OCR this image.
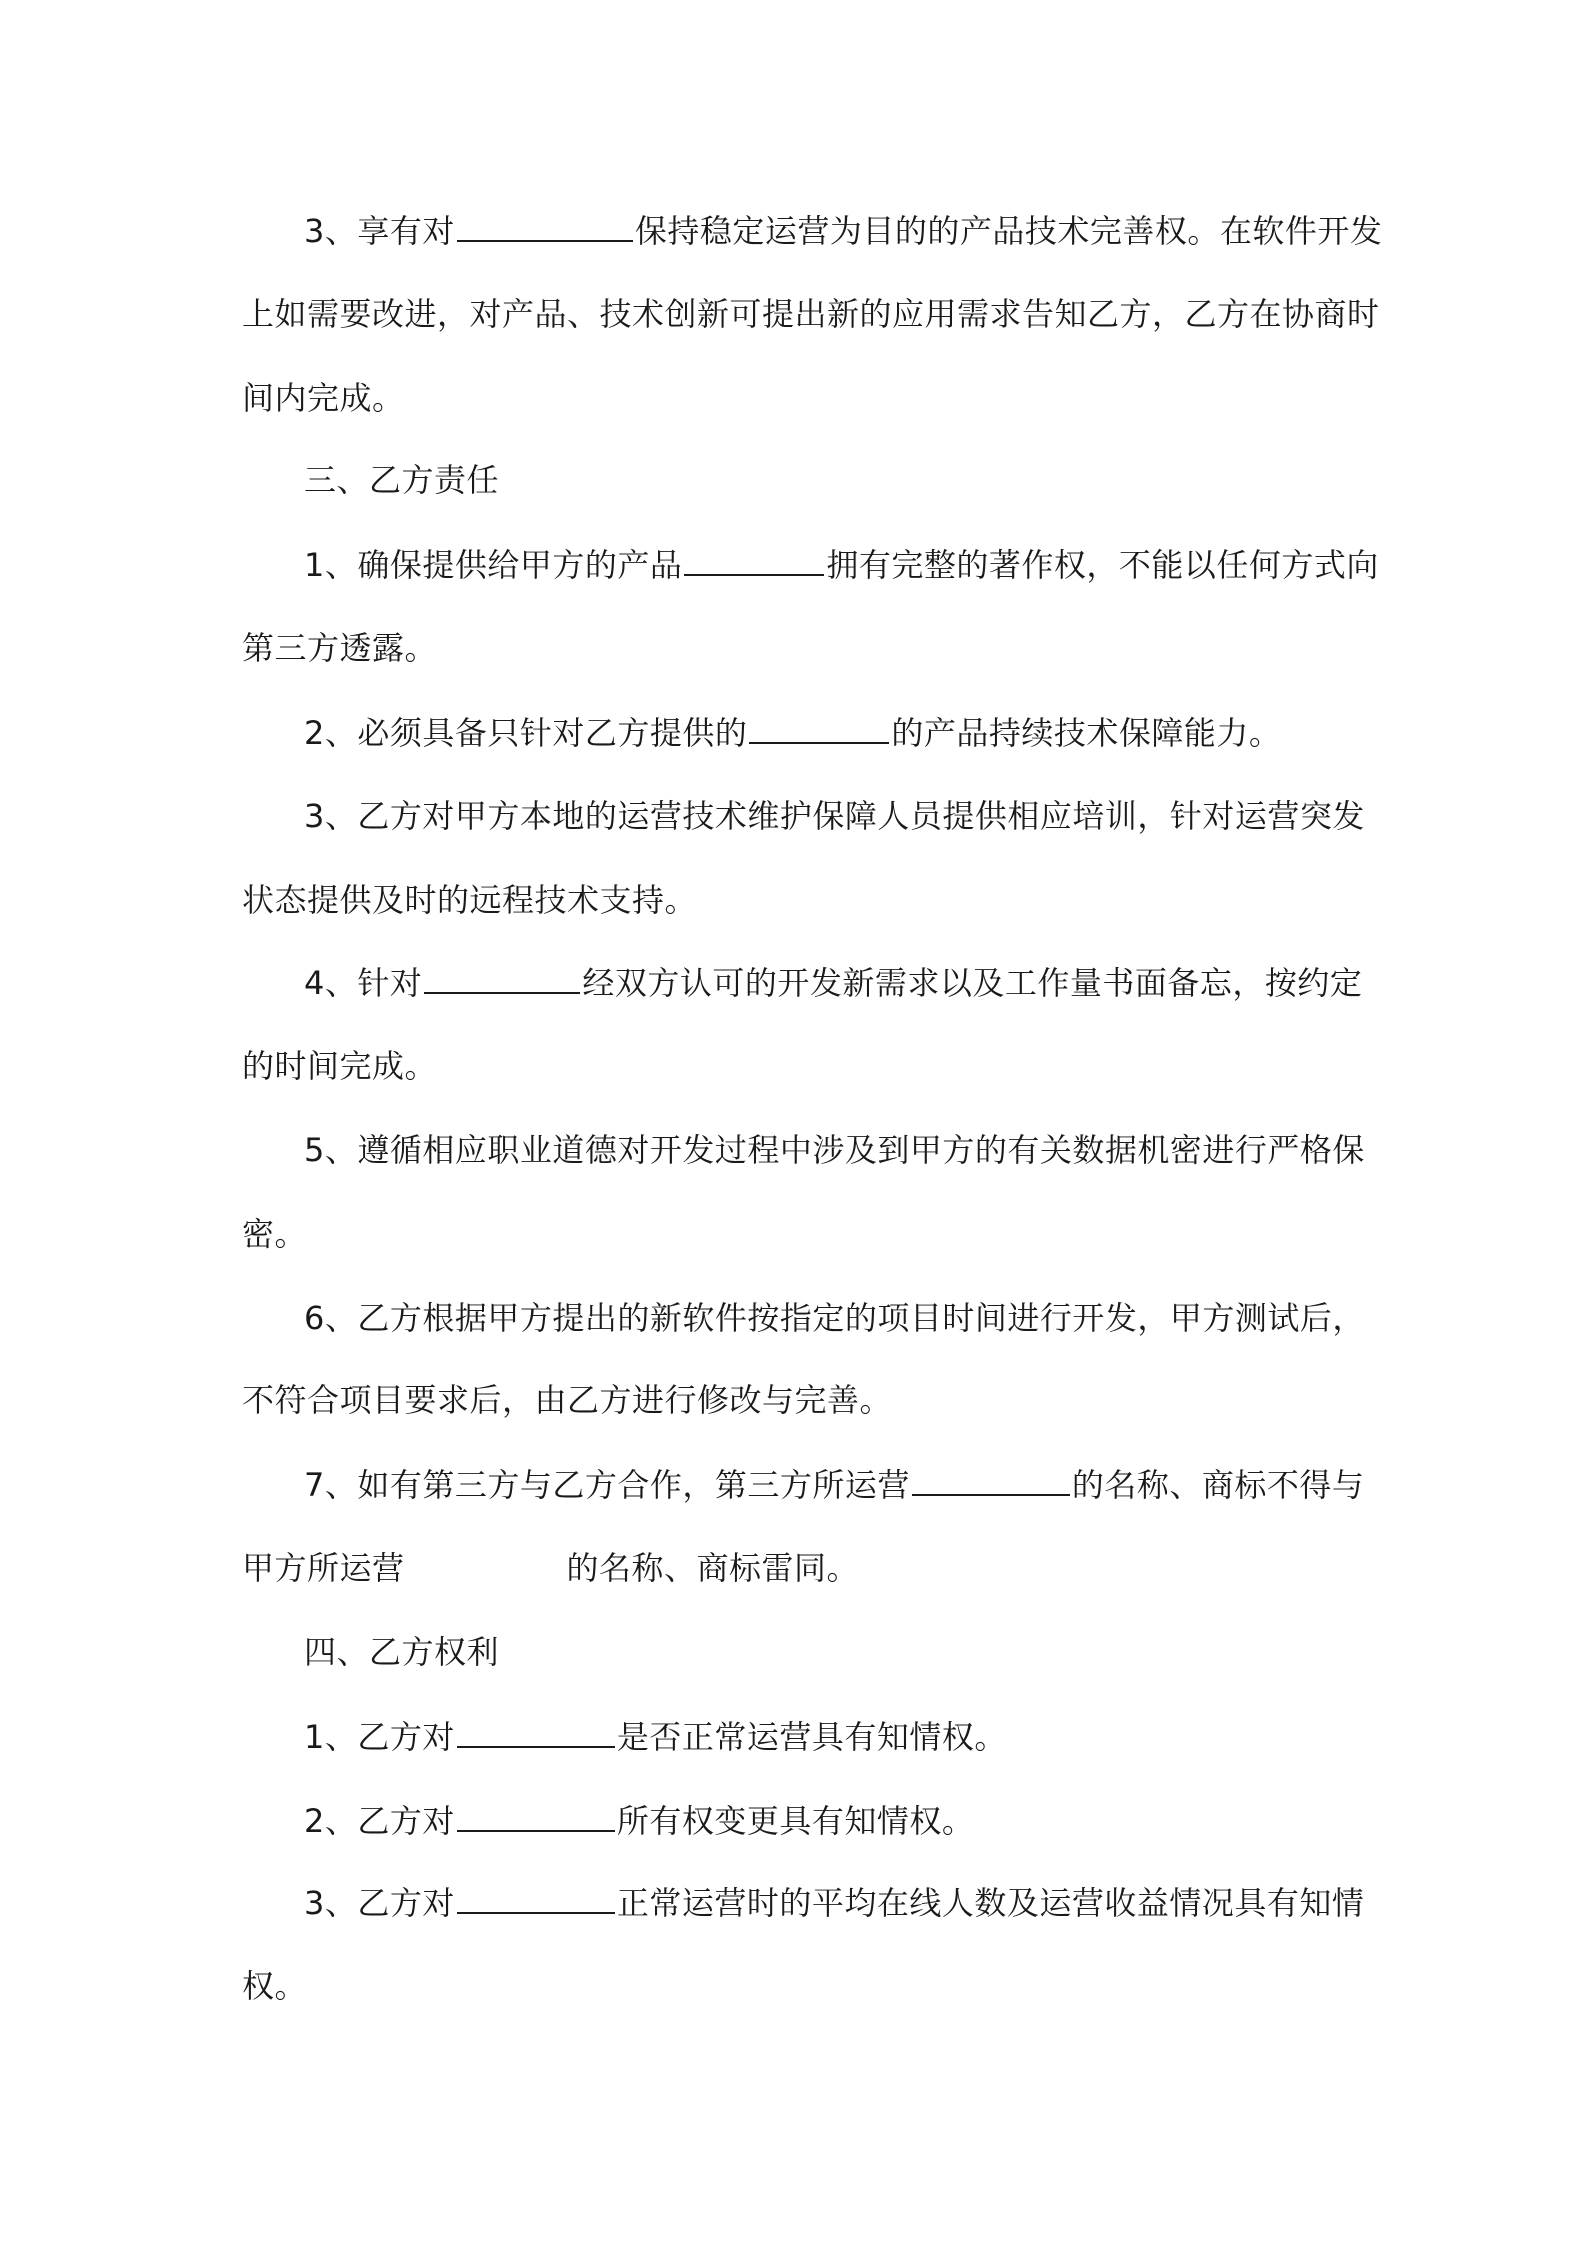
3、享有对	保持稳定运营为目的的产品技术完善权。在软件开发
上如需要改进，对产品、技术创新可提出新的应用需求告知乙方，乙方在协商时
间内完成。
三、乙方责任
1、确保提供给甲方的产品	拥有完整的著作权，不能以任何方式向
第三方透露。
2、必须具备只针对乙方提供的	的产品持续技术保障能力。
3、乙方对甲方本地的运营技术维护保障人员提供相应培训，针对运营突发
状态提供及时的远程技术支持。
4、针对	经双方认可的开发新需求以及工作量书面备忘，按约定
的时间完成。
5、遵循相应职业道德对开发过程中涉及到甲方的有关数据机密进行严格保
密。
6、乙方根据甲方提出的新软件按指定的项目时间进行开发，甲方测试后，
不符合项目要求后，由乙方进行修改与完善。
7、如有第三方与乙方合作，第三方所运营	的名称、商标不得与
甲方所运营	的名称、商标雷同。
四、乙方权利
1、乙方对	是否正常运营具有知情权。
2、乙方对	所有权变更具有知情权。
3、乙方对	正常运营时的平均在线人数及运营收益情况具有知情
权。
